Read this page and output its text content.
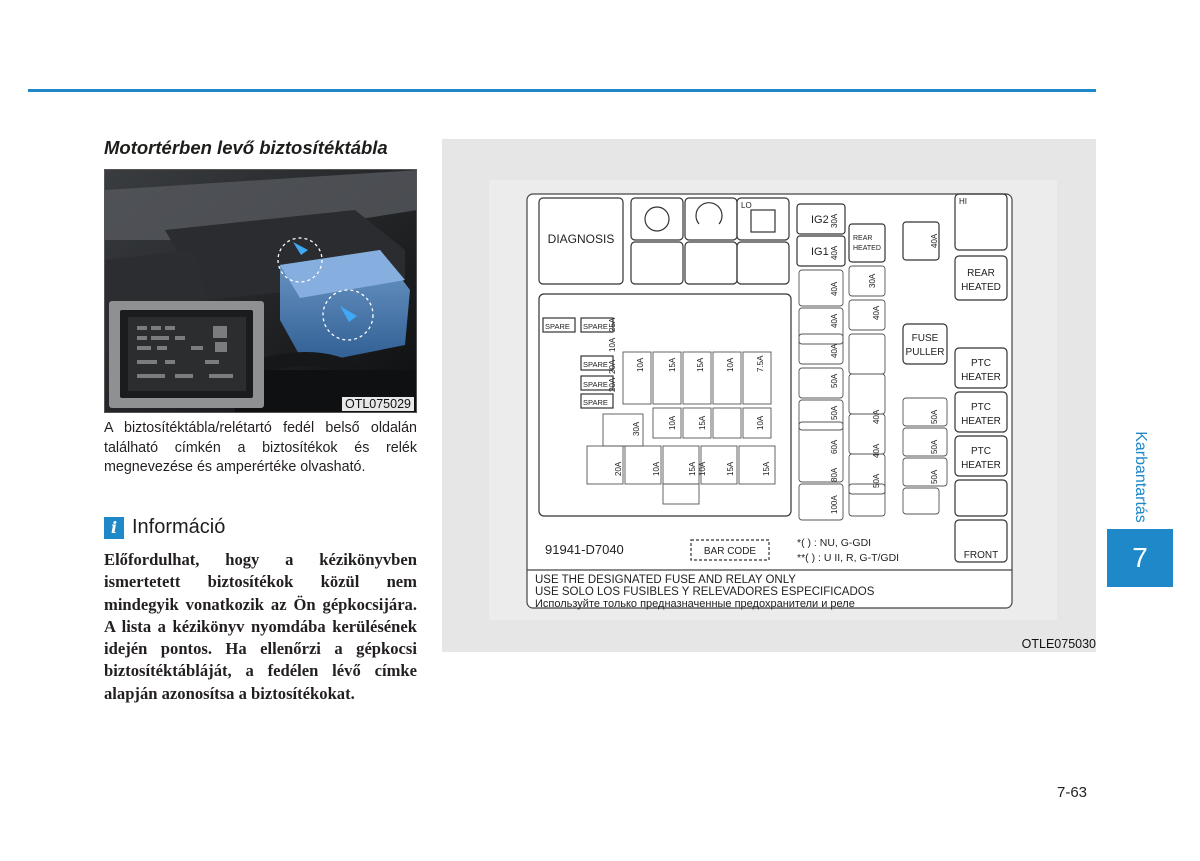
Motortérben levő biztosítéktábla
OTL075029
A biztosítéktábla/relétartó fedél belső oldalán található címkén a biztosítékok és relék megnevezése és amperértéke olvasható.
i Információ
Előfordulhat, hogy a kézikönyvben ismertetett biztosítékok közül nem mindegyik vonatkozik az Ön gépkocsijára. A lista a kézikönyv nyomdába kerülésének idején pontos. Ha ellenőrzi a gépkocsi biztosítéktábláját, a fedélen lévő címke alapján azonosítsa a biztosítékokat.
DIAGNOSIS
LO
IG2
IG1
REAR
HEATED
HI
REAR
HEATED
FUSE
PULLER
PTC
HEATER
PTC
HEATER
PTC
HEATER
FRONT
SPARE SPARE
SPARE
SPARE
SPARE
91941-D7040	BAR CODE
*( ) : NU, G-GDI
**( ) : U II, R, G-T/GDI
USE THE DESIGNATED FUSE AND RELAY ONLY
USE SOLO LOS FUSIBLES Y RELEVADORES ESPECIFICADOS
Используйте только предназначенные предохранители и реле
30A
40A
40A
40A
40A
30A
40A
50A
50A
60A
80A	50A
40A
40A
100A
50A
50A
50A
40A
25A
10A
20A
20A
10A	15A 15A	10A	7.5A
10A	15A
30A
20A	10A	15A 10A 15A
10A
15A
OTLE075030
Karbantartás
7
7-63
